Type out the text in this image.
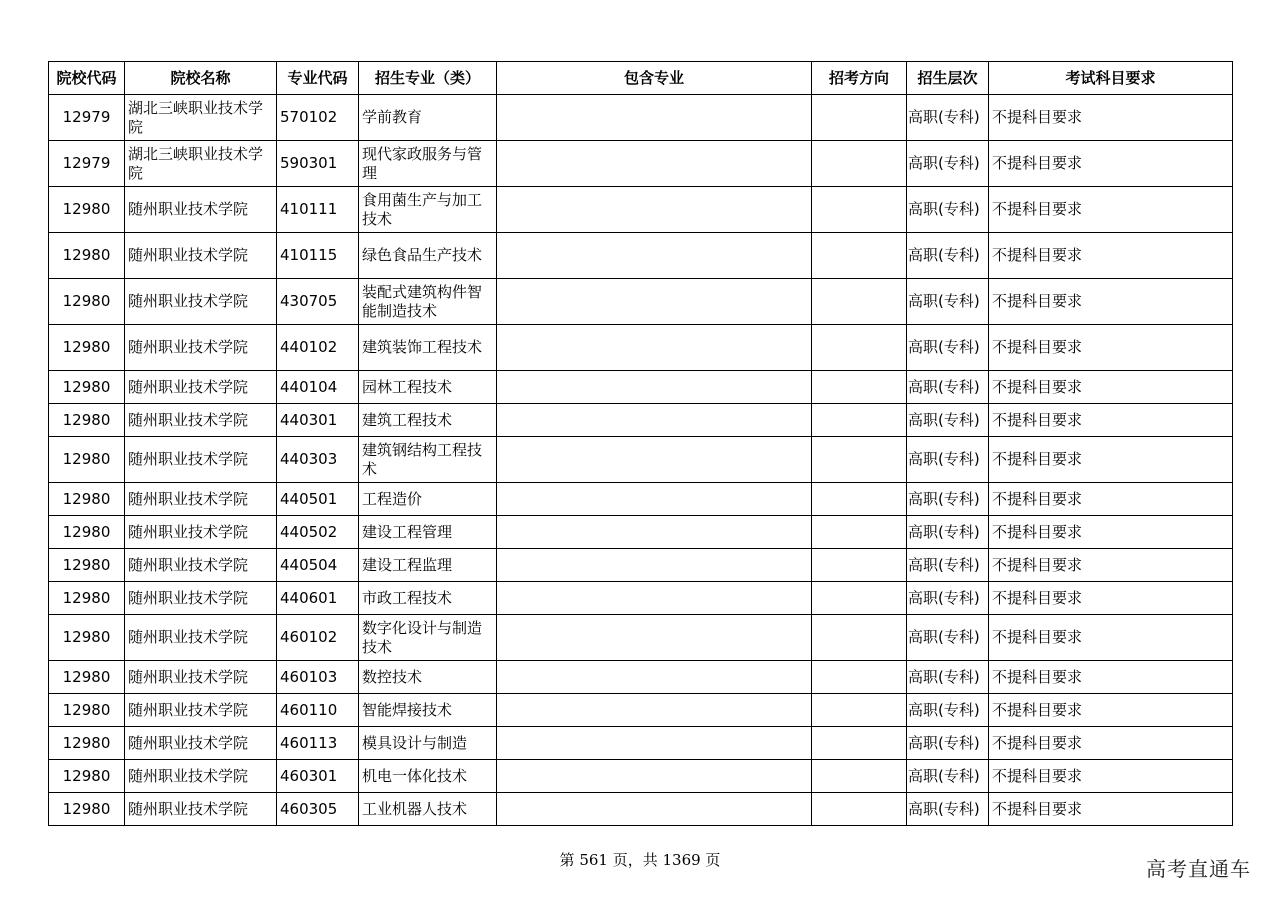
院校代码	院校名称	专业代码	招生专业（类）	包含专业	招考方向	招生层次	考试科目要求
12979	湖北三峡职业技术学院	570102	学前教育			高职(专科)	不提科目要求
12979	湖北三峡职业技术学院	590301	现代家政服务与管理			高职(专科)	不提科目要求
12980	随州职业技术学院	410111	食用菌生产与加工技术			高职(专科)	不提科目要求
12980	随州职业技术学院	410115	绿色食品生产技术			高职(专科)	不提科目要求
12980	随州职业技术学院	430705	装配式建筑构件智能制造技术			高职(专科)	不提科目要求
12980	随州职业技术学院	440102	建筑装饰工程技术			高职(专科)	不提科目要求
12980	随州职业技术学院	440104	园林工程技术			高职(专科)	不提科目要求
12980	随州职业技术学院	440301	建筑工程技术			高职(专科)	不提科目要求
12980	随州职业技术学院	440303	建筑钢结构工程技术			高职(专科)	不提科目要求
12980	随州职业技术学院	440501	工程造价			高职(专科)	不提科目要求
12980	随州职业技术学院	440502	建设工程管理			高职(专科)	不提科目要求
12980	随州职业技术学院	440504	建设工程监理			高职(专科)	不提科目要求
12980	随州职业技术学院	440601	市政工程技术			高职(专科)	不提科目要求
12980	随州职业技术学院	460102	数字化设计与制造技术			高职(专科)	不提科目要求
12980	随州职业技术学院	460103	数控技术			高职(专科)	不提科目要求
12980	随州职业技术学院	460110	智能焊接技术			高职(专科)	不提科目要求
12980	随州职业技术学院	460113	模具设计与制造			高职(专科)	不提科目要求
12980	随州职业技术学院	460301	机电一体化技术			高职(专科)	不提科目要求
12980	随州职业技术学院	460305	工业机器人技术			高职(专科)	不提科目要求
第 561 页，共 1369 页	高考直通车
